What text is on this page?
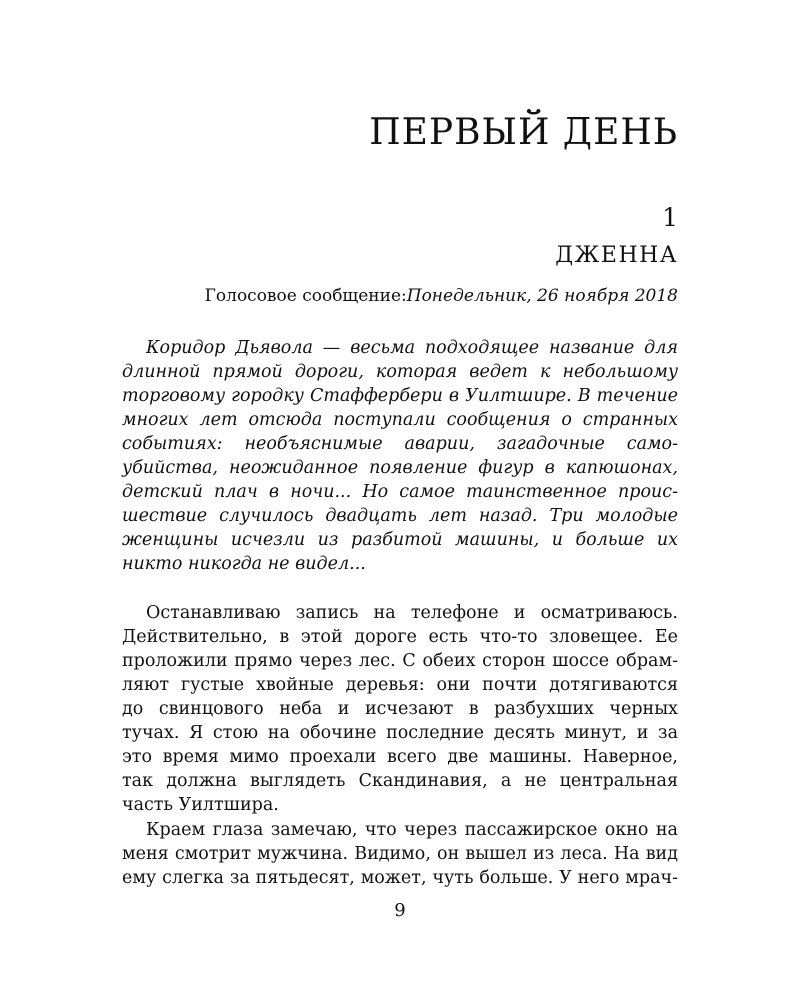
ПЕРВЫЙ ДЕНЬ
1
ДЖЕННА
Голосовое сообщение:Понедельник, 26 ноября 2018
Коридор Дьявола — весьма подходящее название для
длинной прямой дороги, которая ведет к небольшому
торговому городку Стаффербери в Уилтшире. В течение
многих лет отсюда поступали сообщения о странных
событиях: необъяснимые аварии, загадочные само-
убийства, неожиданное появление фигур в капюшонах,
детский плач в ночи... Но самое таинственное проис-
шествие случилось двадцать лет назад. Три молодые
женщины исчезли из разбитой машины, и больше их
никто никогда не видел...
Останавливаю запись на телефоне и осматриваюсь.
Действительно, в этой дороге есть что-то зловещее. Ее
проложили прямо через лес. С обеих сторон шоссе обрам-
ляют густые хвойные деревья: они почти дотягиваются
до свинцового неба и исчезают в разбухших черных
тучах. Я стою на обочине последние десять минут, и за
это время мимо проехали всего две машины. Наверное,
так должна выглядеть Скандинавия, а не центральная
часть Уилтшира.
Краем глаза замечаю, что через пассажирское окно на
меня смотрит мужчина. Видимо, он вышел из леса. На вид
ему слегка за пятьдесят, может, чуть больше. У него мрач-
9
